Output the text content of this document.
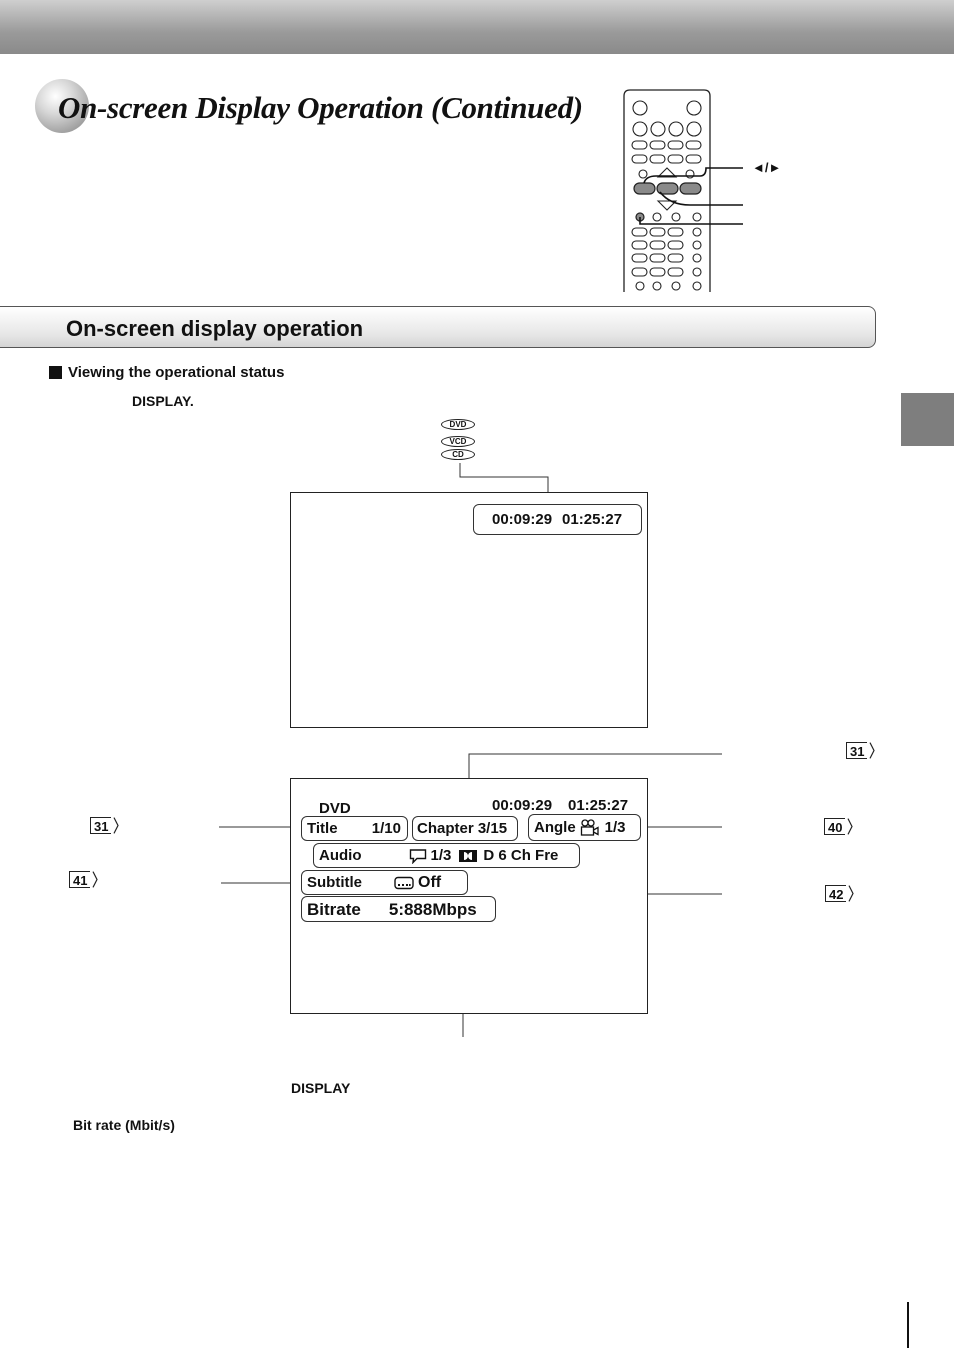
On-screen Display Operation (Continued)
◄/►
On-screen display operation
Viewing the operational status
DISPLAY.
DVD
VCD
CD
00:09:29 01:25:27
DVD	00:09:29 01:25:27
Title 1/10 Chapter 3/15 Angle 1/3
Audio	1/3 D 6 Ch Fre
Subtitle	Off
Bitrate 5:888Mbps
31
31	40
41
42
DISPLAY
Bit rate (Mbit/s)
